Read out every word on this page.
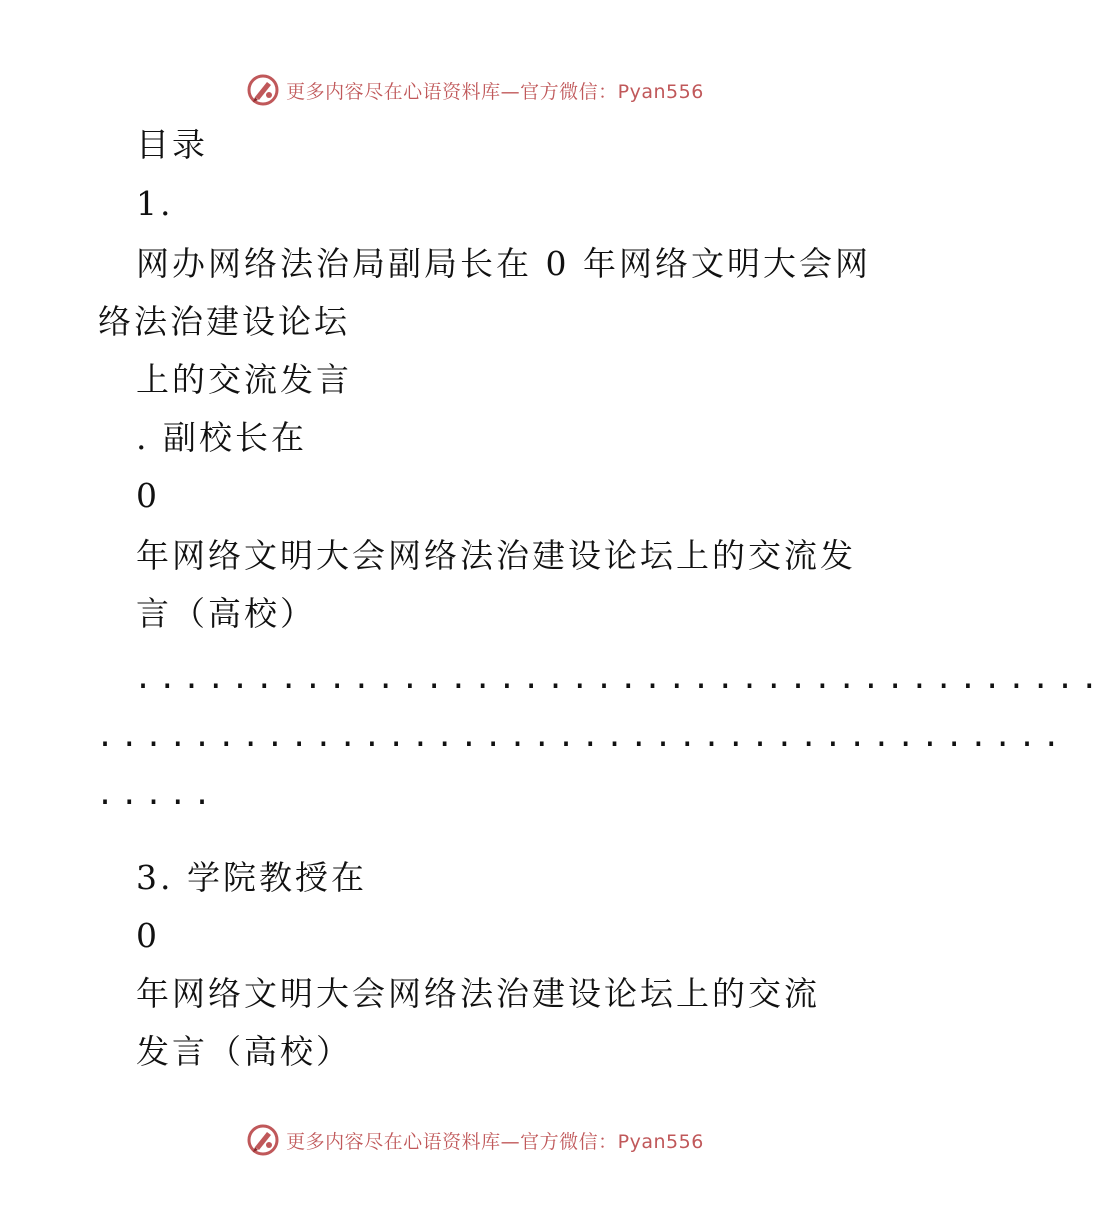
更多内容尽在心语资料库—官方微信：Pyan556
目录
1.
网办网络法治局副局长在 0 年网络文明大会网
络法治建设论坛
上的交流发言
. 副校长在
0
年网络文明大会网络法治建设论坛上的交流发
言（高校）
........................................
........................................
.....
3. 学院教授在
0
年网络文明大会网络法治建设论坛上的交流
发言（高校）
更多内容尽在心语资料库—官方微信：Pyan556
